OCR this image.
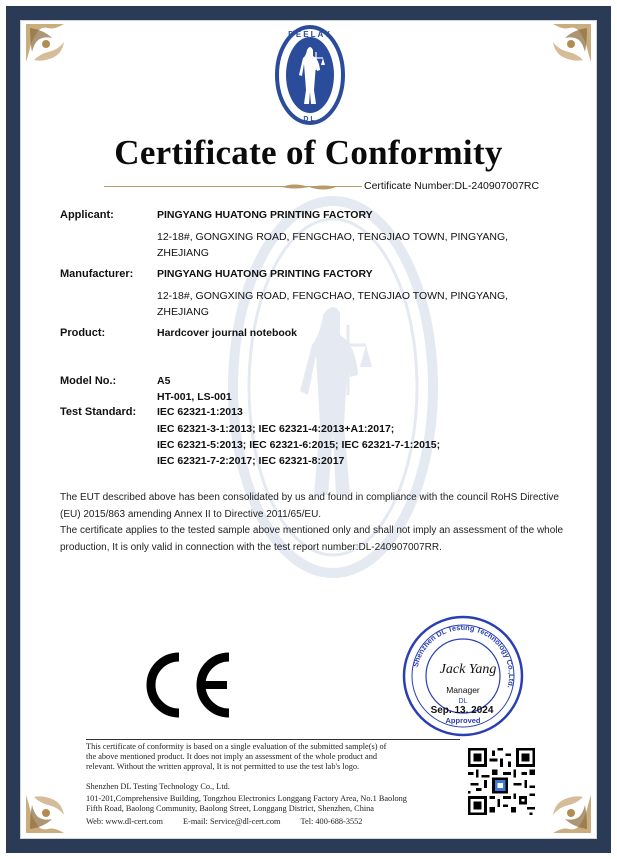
DEELAY
DL
Certificate of Conformity
Certificate Number:DL-240907007RC
Applicant:	PINGYANG HUATONG PRINTING FACTORY
12-18#, GONGXING ROAD, FENGCHAO, TENGJIAO TOWN, PINGYANG,
ZHEJIANG
Manufacturer: PINGYANG HUATONG PRINTING FACTORY
12-18#, GONGXING ROAD, FENGCHAO, TENGJIAO TOWN, PINGYANG,
ZHEJIANG
Product:	Hardcover journal notebook
Model No.:	A5
HT-001, LS-001
Test Standard: IEC 62321-1:2013
IEC 62321-3-1:2013; IEC 62321-4:2013+A1:2017;
IEC 62321-5:2013; IEC 62321-6:2015; IEC 62321-7-1:2015;
IEC 62321-7-2:2017; IEC 62321-8:2017
The EUT described above has been consolidated by us and found in compliance with the council RoHS Directive
(EU) 2015/863 amending Annex II to Directive 2011/65/EU.
The certificate applies to the tested sample above mentioned only and shall not imply an assessment of the whole
production, It is only valid in connection with the test report number:DL-240907007RR.
Shenzhen DL Testing Technology Co.,Ltd.
Jack Yang
Manager
DL
Sep. 13. 2024
Approved
This certificate of conformity is based on a single evaluation of the submitted sample(s) of
the above mentioned product. It does not imply an assessment of the whole product and
relevant. Without the written approval, It is not permitted to use the test lab's logo.
Shenzhen DL Testing Technology Co., Ltd.
101-201,Comprehensive Building, Tongzhou Electronics Longgang Factory Area, No.1 Baolong
Fifth Road, Baolong Community, Baolong Street, Longgang District, Shenzhen, China
Web: www.dl-cert.com E-mail: Service@dl-cert.com Tel: 400-688-3552
